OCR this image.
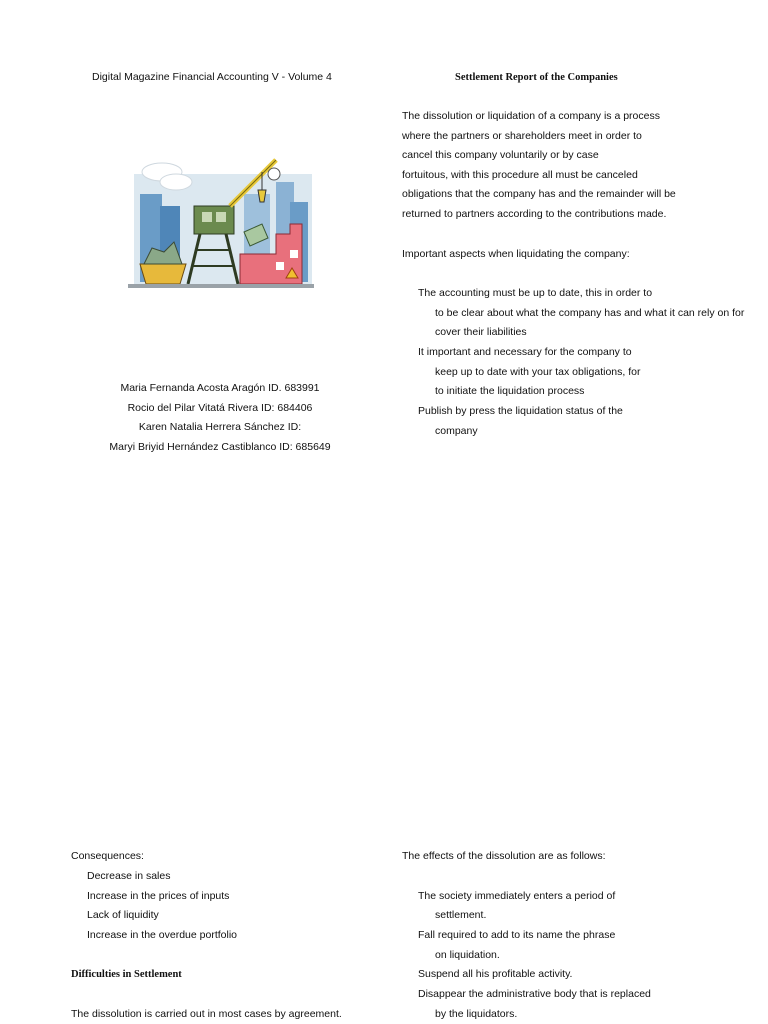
Digital Magazine Financial Accounting V - Volume 4
Maria Fernanda Acosta Aragón ID. 683991
Rocio del Pilar Vitatá Rivera ID: 684406
Karen Natalia Herrera Sánchez ID:
Maryi Briyid Hernández Castiblanco ID: 685649
Settlement Report of the Companies
The dissolution or liquidation of a company is a process
where the partners or shareholders meet in order to
cancel this company voluntarily or by case
fortuitous, with this procedure all must be canceled
obligations that the company has and the remainder will be
returned to partners according to the contributions made.
Important aspects when liquidating the company:
The accounting must be up to date, this in order to
to be clear about what the company has and what it can rely on for
cover their liabilities
It important and necessary for the company to
keep up to date with your tax obligations, for
to initiate the liquidation process
Publish by press the liquidation status of the
company
Consequences:
Decrease in sales
Increase in the prices of inputs
Lack of liquidity
Increase in the overdue portfolio
Difficulties in Settlement
The dissolution is carried out in most cases by agreement.
The effects of the dissolution are as follows:
The society immediately enters a period of
settlement.
Fall required to add to its name the phrase
on liquidation.
Suspend all his profitable activity.
Disappear the administrative body that is replaced
by the liquidators.
